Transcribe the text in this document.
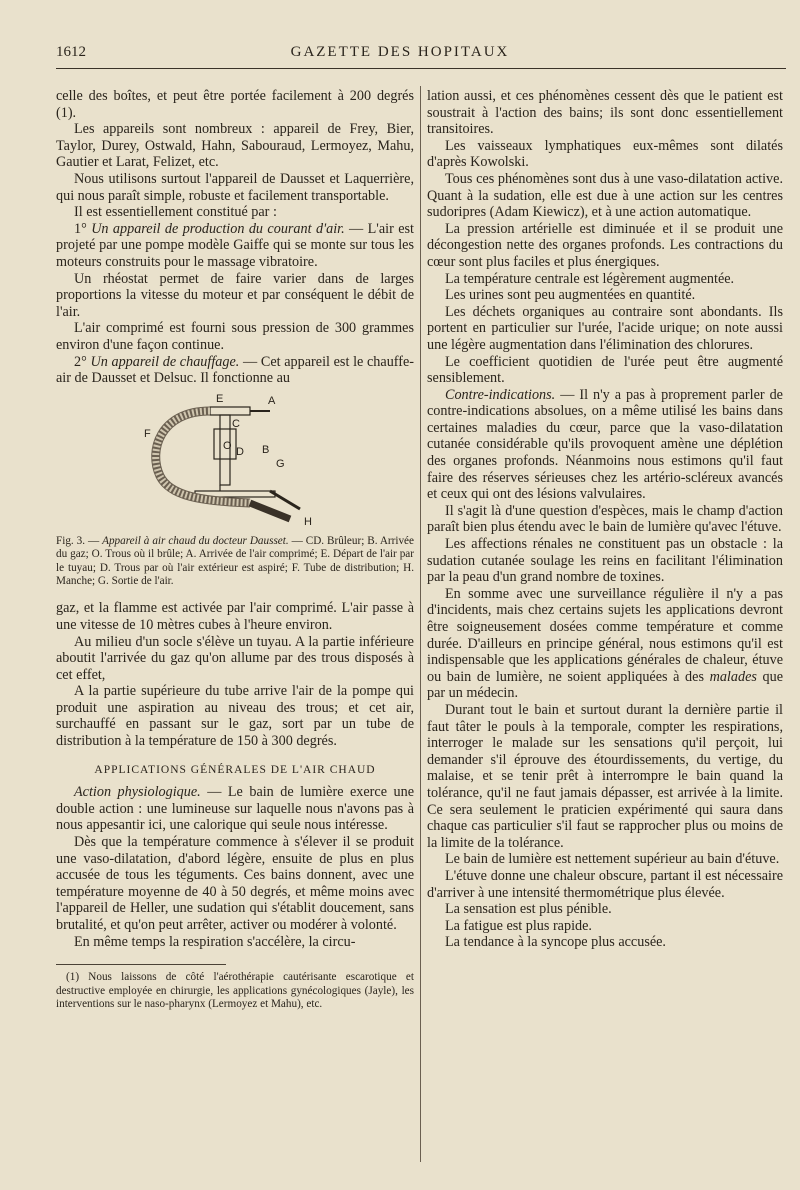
1612	GAZETTE DES HOPITAUX

celle des boîtes, et peut être portée facilement à 200 degrés (1).

Les appareils sont nombreux : appareil de Frey, Bier, Taylor, Durey, Ostwald, Hahn, Sabouraud, Lermoyez, Mahu, Gautier et Larat, Felizet, etc.

Nous utilisons surtout l'appareil de Dausset et Laquerrière, qui nous paraît simple, robuste et facilement transportable.

Il est essentiellement constitué par :

1° Un appareil de production du courant d'air. — L'air est projeté par une pompe modèle Gaiffe qui se monte sur tous les moteurs construits pour le massage vibratoire.

Un rhéostat permet de faire varier dans de larges proportions la vitesse du moteur et par conséquent le débit de l'air.

L'air comprimé est fourni sous pression de 300 grammes environ d'une façon continue.

2° Un appareil de chauffage. — Cet appareil est le chauffe-air de Dausset et Delsuc. Il fonctionne au

E	A
C
F
O D B
G
H

Fig. 3. — Appareil à air chaud du docteur Dausset. — CD. Brûleur; B. Arrivée du gaz; O. Trous où il brûle; A. Arrivée de l'air comprimé; E. Départ de l'air par le tuyau; D. Trous par où l'air extérieur est aspiré; F. Tube de distribution; H. Manche; G. Sortie de l'air.

gaz, et la flamme est activée par l'air comprimé. L'air passe à une vitesse de 10 mètres cubes à l'heure environ.

Au milieu d'un socle s'élève un tuyau. A la partie inférieure aboutit l'arrivée du gaz qu'on allume par des trous disposés à cet effet,

A la partie supérieure du tube arrive l'air de la pompe qui produit une aspiration au niveau des trous; et cet air, surchauffé en passant sur le gaz, sort par un tube de distribution à la température de 150 à 300 degrés.

APPLICATIONS GÉNÉRALES DE L'AIR CHAUD

Action physiologique. — Le bain de lumière exerce une double action : une lumineuse sur laquelle nous n'avons pas à nous appesantir ici, une calorique qui seule nous intéresse.

Dès que la température commence à s'élever il se produit une vaso-dilatation, d'abord légère, ensuite de plus en plus accusée de tous les téguments. Ces bains donnent, avec une température moyenne de 40 à 50 degrés, et même moins avec l'appareil de Heller, une sudation qui s'établit doucement, sans brutalité, et qu'on peut arrêter, activer ou modérer à volonté.

En même temps la respiration s'accélère, la circu-

(1) Nous laissons de côté l'aérothérapie cautérisante escarotique et destructive employée en chirurgie, les applications gynécologiques (Jayle), les interventions sur le naso-pharynx (Lermoyez et Mahu), etc.

lation aussi, et ces phénomènes cessent dès que le patient est soustrait à l'action des bains; ils sont donc essentiellement transitoires.

Les vaisseaux lymphatiques eux-mêmes sont dilatés d'après Kowolski.

Tous ces phénomènes sont dus à une vaso-dilatation active. Quant à la sudation, elle est due à une action sur les centres sudoripres (Adam Kiewicz), et à une action automatique.

La pression artérielle est diminuée et il se produit une décongestion nette des organes profonds. Les contractions du cœur sont plus faciles et plus énergiques.

La température centrale est légèrement augmentée.

Les urines sont peu augmentées en quantité.

Les déchets organiques au contraire sont abondants. Ils portent en particulier sur l'urée, l'acide urique; on note aussi une légère augmentation dans l'élimination des chlorures.

Le coefficient quotidien de l'urée peut être augmenté sensiblement.

Contre-indications. — Il n'y a pas à proprement parler de contre-indications absolues, on a même utilisé les bains dans certaines maladies du cœur, parce que la vaso-dilatation cutanée considérable qu'ils provoquent amène une déplétion des organes profonds. Néanmoins nous estimons qu'il faut faire des réserves sérieuses chez les artério-scléreux avancés et ceux qui ont des lésions valvulaires.

Il s'agit là d'une question d'espèces, mais le champ d'action paraît bien plus étendu avec le bain de lumière qu'avec l'étuve.

Les affections rénales ne constituent pas un obstacle : la sudation cutanée soulage les reins en facilitant l'élimination par la peau d'un grand nombre de toxines.

En somme avec une surveillance régulière il n'y a pas d'incidents, mais chez certains sujets les applications devront être soigneusement dosées comme température et comme durée. D'ailleurs en principe général, nous estimons qu'il est indispensable que les applications générales de chaleur, étuve ou bain de lumière, ne soient appliquées à des malades que par un médecin.

Durant tout le bain et surtout durant la dernière partie il faut tâter le pouls à la temporale, compter les respirations, interroger le malade sur les sensations qu'il perçoit, lui demander s'il éprouve des étourdissements, du vertige, du malaise, et se tenir prêt à interrompre le bain quand la tolérance, qu'il ne faut jamais dépasser, est arrivée à la limite. Ce sera seulement le praticien expérimenté qui saura dans chaque cas particulier s'il faut se rapprocher plus ou moins de la limite de la tolérance.

Le bain de lumière est nettement supérieur au bain d'étuve.

L'étuve donne une chaleur obscure, partant il est nécessaire d'arriver à une intensité thermométrique plus élevée.

La sensation est plus pénible.

La fatigue est plus rapide.

La tendance à la syncope plus accusée.
